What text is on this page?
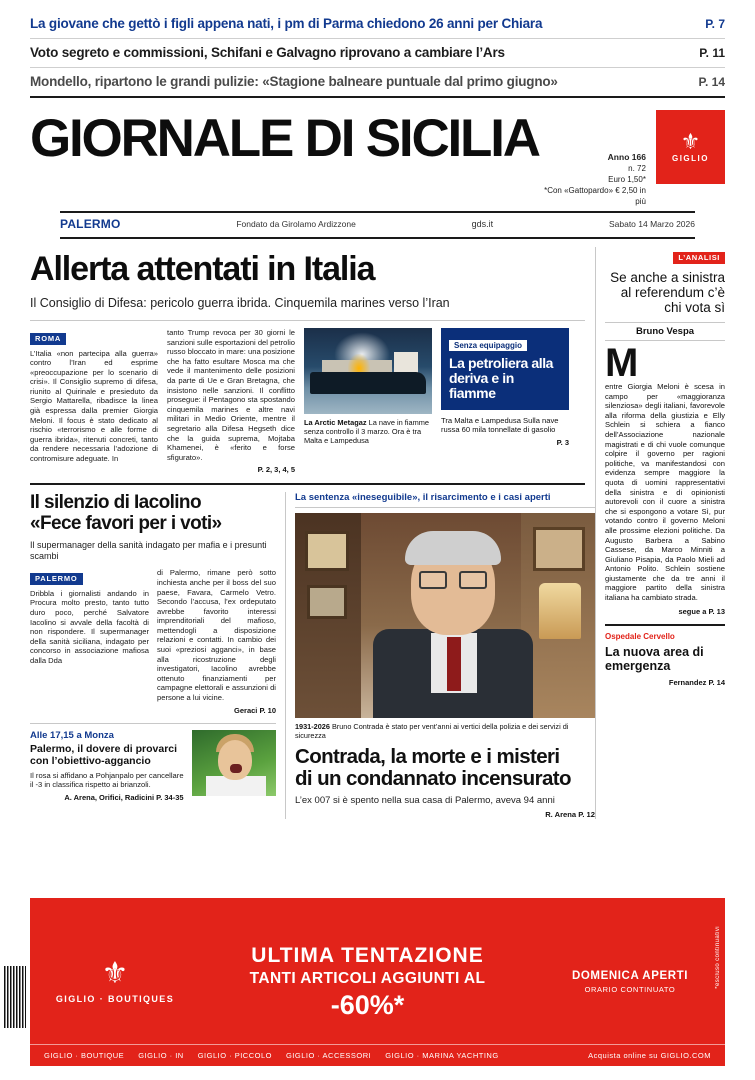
La giovane che gettò i figli appena nati, i pm di Parma chiedono 26 anni per Chiara	P. 7
Voto segreto e commissioni, Schifani e Galvagno riprovano a cambiare l’Ars	P. 11
Mondello, ripartono le grandi pulizie: «Stagione balneare puntuale dal primo giugno»	P. 14
GIORNALE DI SICILIA	Anno 166
n. 72
Euro 1,50*
*Con «Gattopardo» € 2,50 in più
⚜
GIGLIO
PALERMO	Fondato da Girolamo Ardizzone	gds.it	Sabato 14 Marzo 2026
Allerta attentati in Italia
Il Consiglio di Difesa: pericolo guerra ibrida. Cinquemila marines verso l’Iran
ROMA
L’Italia «non partecipa alla guerra» contro l’Iran ed esprime «preoccupazione per lo scenario di crisi». Il Consiglio supremo di difesa, riunito al Quirinale e presieduto da Sergio Mattarella, ribadisce la linea già espressa dalla premier Giorgia Meloni. Il focus è stato dedicato al rischio «terrorismo e alle forme di guerra ibrida», ritenuti concreti, tanto da rendere necessaria l’adozione di contromisure adeguate. In
tanto Trump revoca per 30 giorni le sanzioni sulle esportazioni del petrolio russo bloccato in mare: una posizione che ha fatto esultare Mosca ma che vede il mantenimento delle posizioni da parte di Ue e Gran Bretagna, che insistono nelle sanzioni. Il conflitto prosegue: il Pentagono sta spostando cinquemila marines e altre navi militari in Medio Oriente, mentre il segretario alla Difesa Hegseth dice che la guida suprema, Mojtaba Khamenei, è «ferito e forse sfigurato».
P. 2, 3, 4, 5
La Arctic Metagaz La nave in fiamme senza controllo il 3 marzo. Ora è tra Malta e Lampedusa
Senza equipaggio
La petroliera alla deriva e in fiamme
Tra Malta e Lampedusa Sulla nave russa 60 mila tonnellate di gasolio
P. 3
Il silenzio di Iacolino
«Fece favori per i voti»
Il supermanager della sanità indagato per mafia e i presunti scambi
PALERMO
Dribbla i giornalisti andando in Procura molto presto, tanto tutto duro poco, perché Salvatore Iacolino si avvale della facoltà di non rispondere. Il supermanager della sanità siciliana, indagato per concorso in associazione mafiosa dalla Dda
di Palermo, rimane però sotto inchiesta anche per il boss del suo paese, Favara, Carmelo Vetro. Secondo l’accusa, l’ex ordeputato avrebbe favorito interessi imprenditoriali del mafioso, mettendogli a disposizione relazioni e contatti. In cambio dei suoi «preziosi agganci», in base alla ricostruzione degli investigatori, Iacolino avrebbe ottenuto finanziamenti per campagne elettorali e assunzioni di persone a lui vicine.
Geraci P. 10
Alle 17,15 a Monza
Palermo, il dovere di provarci con l’obiettivo-aggancio
Il rosa si affidano a Pohjanpalo per cancellare il -3 in classifica rispetto ai brianzoli.
A. Arena, Orifici, Radicini P. 34-35
La sentenza «ineseguibile», il risarcimento e i casi aperti
1931-2026 Bruno Contrada è stato per vent’anni ai vertici della polizia e dei servizi di sicurezza
Contrada, la morte e i misteri
di un condannato incensurato
L’ex 007 si è spento nella sua casa di Palermo, aveva 94 anni
R. Arena P. 12
L’ANALISI
Se anche a sinistra al referendum c’è chi vota sì
Bruno Vespa
M
entre Giorgia Meloni è scesa in campo per «maggioranza silenziosa» degli italiani, favorevole alla riforma della giustizia e Elly Schlein si schiera a fianco dell’Associazione nazionale magistrati e di chi vuole comunque colpire il governo per ragioni politiche, va manifestandosi con evidenza sempre maggiore la quota di uomini rappresentativi della sinistra e di opinionisti autorevoli con il cuore a sinistra che si espongono a votare Sì, pur votando contro il governo Meloni alle prossime elezioni politiche. Da Augusto Barbera a Sabino Cassese, da Marco Minniti a Giuliano Pisapia, da Paolo Mieli ad Antonio Polito. Schlein sostiene giustamente che da tre anni il maggiore partito della sinistra italiana ha cambiato strada.
segue a P. 13
Ospedale Cervello
La nuova area di emergenza
Fernandez P. 14
⚜
GIGLIO · BOUTIQUES
ULTIMA TENTAZIONE
TANTI ARTICOLI AGGIUNTI AL
-60%*
DOMENICA APERTI
ORARIO CONTINUATO
*escluso continuativi
GIGLIO · BOUTIQUE GIGLIO · IN GIGLIO · PICCOLO GIGLIO · ACCESSORI GIGLIO · MARINA YACHTING	Acquista online su GIGLIO.COM
